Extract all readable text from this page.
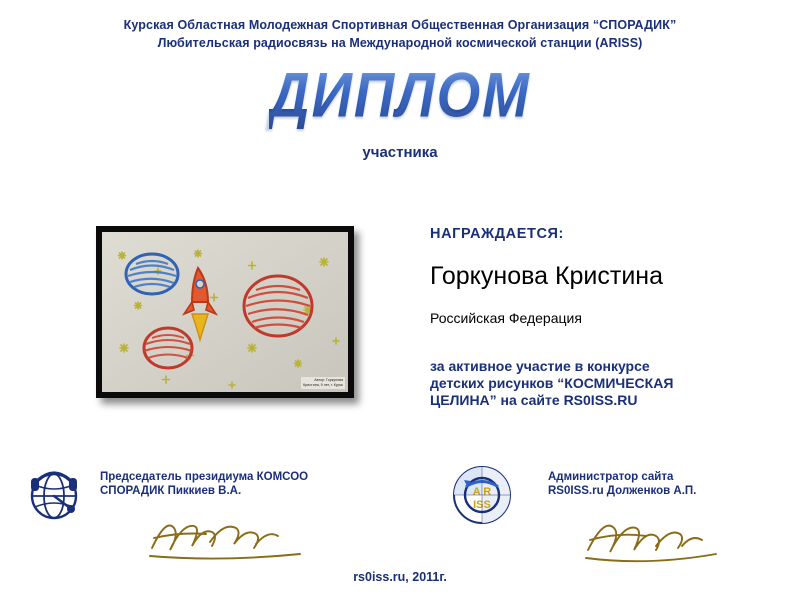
Курская Областная Молодежная Спортивная Общественная Организация “СПОРАДИК”
Любительская радиосвязь на Международной космической станции (ARISS)
ДИПЛОМ
участника
Автор: Горкунова
Кристина, 9 лет, г. Курск
НАГРАЖДАЕТСЯ:
Горкунова Кристина
Российская Федерация
за активное участие в конкурсе
детских рисунков “КОСМИЧЕСКАЯ
ЦЕЛИНА” на сайте RS0ISS.RU
Председатель президиума КОМСОО
СПОРАДИК Пиккиев В.А.	A R
ISS
Администратор сайта
RS0ISS.ru Долженков А.П.
rs0iss.ru, 2011г.
